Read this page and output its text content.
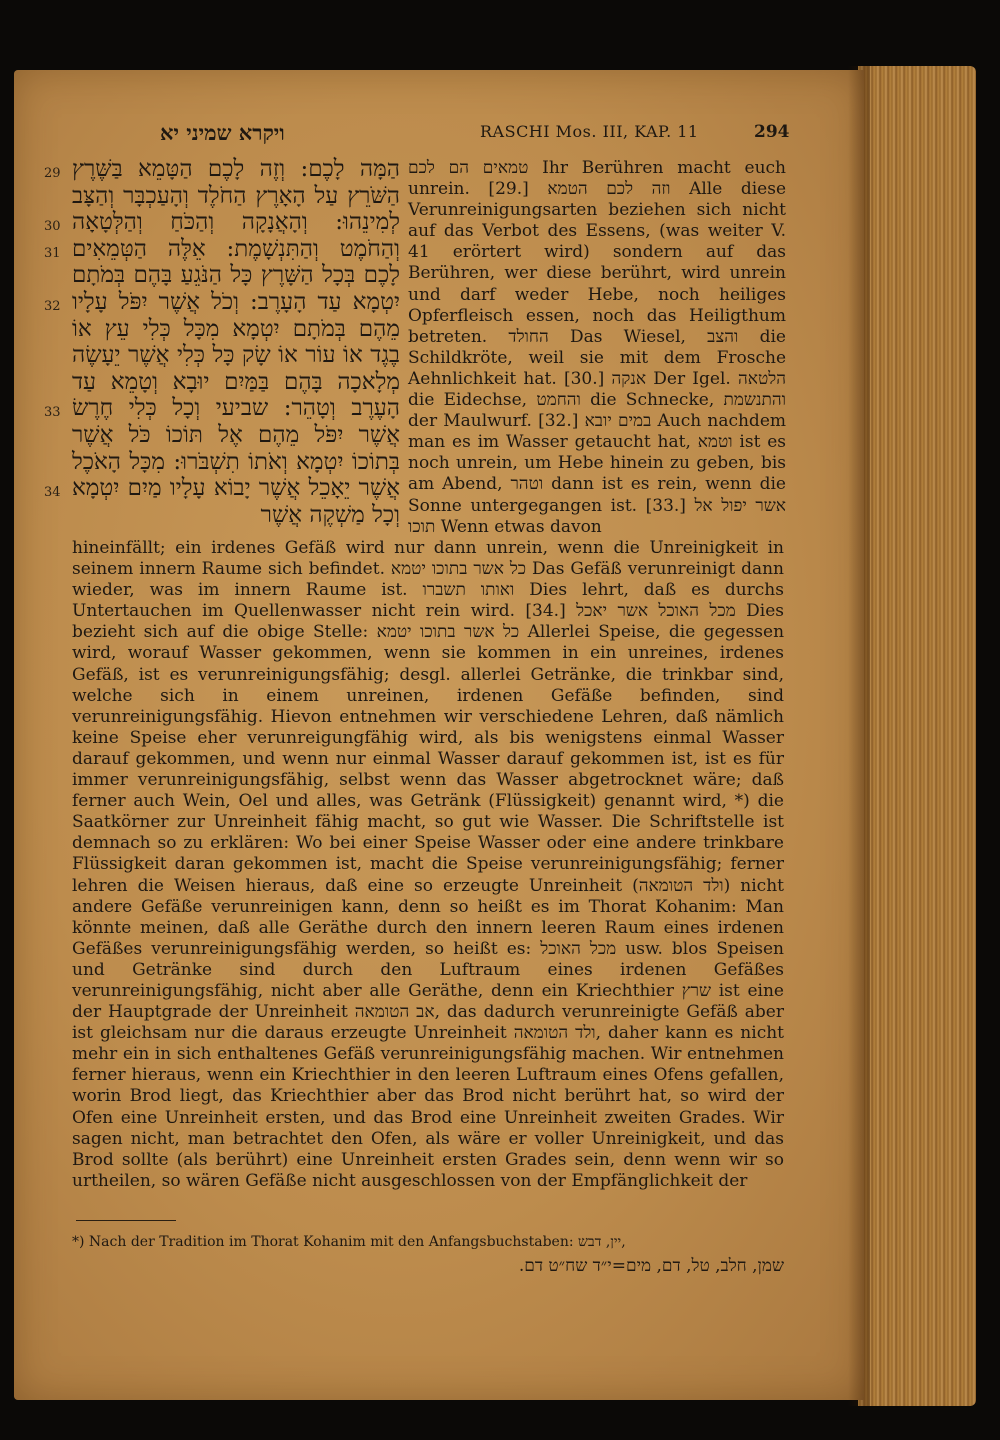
ויקרא שמיני יא	RASCHI Mos. III, KAP. 11	294
29
30
31
32
33
34
הַמָּה לָכֶם: וְזֶה לָכֶם הַטָּמֵא בַּשֶּׁרֶץ הַשֹּׁרֵץ עַל הָאָרֶץ הַחֹלֶד וְהָעַכְבָּר וְהַצָּב לְמִינֵהוּ: וְהָאֲנָקָה וְהַכֹּחַ וְהַלְּטָאָה וְהַחֹמֶט וְהַתִּנְשָׁמֶת: אֵלֶּה הַטְּמֵאִים לָכֶם בְּכָל הַשָּׁרֶץ כָּל הַנֹּגֵעַ בָּהֶם בְּמֹתָם יִטְמָא עַד הָעָרֶב: וְכֹל אֲשֶׁר יִפֹּל עָלָיו מֵהֶם בְּמֹתָם יִטְמָא מִכָּל כְּלִי עֵץ אוֹ בֶגֶד אוֹ עוֹר אוֹ שָׂק כָּל כְּלִי אֲשֶׁר יֵעָשֶׂה מְלָאכָה בָּהֶם בַּמַּיִם יוּבָא וְטָמֵא עַד הָעֶרֶב וְטָהֵר: שביעי וְכָל כְּלִי חֶרֶשׂ אֲשֶׁר יִפֹּל מֵהֶם אֶל תּוֹכוֹ כֹּל אֲשֶׁר בְּתוֹכוֹ יִטְמָא וְאֹתוֹ תִשְׁבֹּרוּ: מִכָּל הָאֹכֶל אֲשֶׁר יֵאָכֵל אֲשֶׁר יָבוֹא עָלָיו מַיִם יִטְמָא וְכָל מַשְׁקֶה אֲשֶׁר
טמאים הם לכם Ihr Berühren macht euch unrein. [29.] וזה לכם הטמא Alle diese Verunreinigungsarten beziehen sich nicht auf das Verbot des Essens, (was weiter V. 41 erörtert wird) sondern auf das Berühren, wer diese berührt, wird unrein und darf weder Hebe, noch heiliges Opferfleisch essen, noch das Heiligthum betreten. החולד Das Wiesel, והצב die Schildkröte, weil sie mit dem Frosche Aehnlichkeit hat. [30.] אנקה Der Igel. הלטאה die Eidechse, והחמט die Schnecke, והתנשמת der Maulwurf. [32.] במים יובא Auch nachdem man es im Wasser getaucht hat, וטמא ist es noch unrein, um Hebe hinein zu geben, bis am Abend, וטהר dann ist es rein, wenn die Sonne untergegangen ist. [33.] אשר יפול אל תוכו Wenn etwas davon
hineinfällt; ein irdenes Gefäß wird nur dann unrein, wenn die Unreinigkeit in seinem innern Raume sich befindet. כל אשר בתוכו יטמא Das Gefäß verunreinigt dann wieder, was im innern Raume ist. ואותו תשברו Dies lehrt, daß es durchs Untertauchen im Quellenwasser nicht rein wird. [34.] מכל האוכל אשר יאכל Dies bezieht sich auf die obige Stelle: כל אשר בתוכו יטמא Allerlei Speise, die gegessen wird, worauf Wasser gekommen, wenn sie kommen in ein unreines, irdenes Gefäß, ist es verunreinigungsfähig; desgl. allerlei Getränke, die trinkbar sind, welche sich in einem unreinen, irdenen Gefäße befinden, sind verunreinigungsfähig. Hievon entnehmen wir verschiedene Lehren, daß nämlich keine Speise eher verunreigungfähig wird, als bis wenigstens einmal Wasser darauf gekommen, und wenn nur einmal Wasser darauf gekommen ist, ist es für immer verunreinigungsfähig, selbst wenn das Wasser abgetrocknet wäre; daß ferner auch Wein, Oel und alles, was Getränk (Flüssigkeit) genannt wird, *) die Saatkörner zur Unreinheit fähig macht, so gut wie Wasser. Die Schriftstelle ist demnach so zu erklären: Wo bei einer Speise Wasser oder eine andere trinkbare Flüssigkeit daran gekommen ist, macht die Speise verunreinigungsfähig; ferner lehren die Weisen hieraus, daß eine so erzeugte Unreinheit (ולד הטומאה) nicht andere Gefäße verunreinigen kann, denn so heißt es im Thorat Kohanim: Man könnte meinen, daß alle Geräthe durch den innern leeren Raum eines irdenen Gefäßes verunreinigungsfähig werden, so heißt es: מכל האוכל usw. blos Speisen und Getränke sind durch den Luftraum eines irdenen Gefäßes verunreinigungsfähig, nicht aber alle Geräthe, denn ein Kriechthier שרץ ist eine der Hauptgrade der Unreinheit אב הטומאה, das dadurch verunreinigte Gefäß aber ist gleichsam nur die daraus erzeugte Unreinheit ולד הטומאה, daher kann es nicht mehr ein in sich enthaltenes Gefäß verunreinigungsfähig machen. Wir entnehmen ferner hieraus, wenn ein Kriechthier in den leeren Luftraum eines Ofens gefallen, worin Brod liegt, das Kriechthier aber das Brod nicht berührt hat, so wird der Ofen eine Unreinheit ersten, und das Brod eine Unreinheit zweiten Grades. Wir sagen nicht, man betrachtet den Ofen, als wäre er voller Unreinigkeit, und das Brod sollte (als berührt) eine Unreinheit ersten Grades sein, denn wenn wir so urtheilen, so wären Gefäße nicht ausgeschlossen von der Empfänglichkeit der
*) Nach der Tradition im Thorat Kohanim mit den Anfangsbuchstaben: יין, דבש,
שמן, חלב, טל, דם, מים=י״ד שח״ט דם.
